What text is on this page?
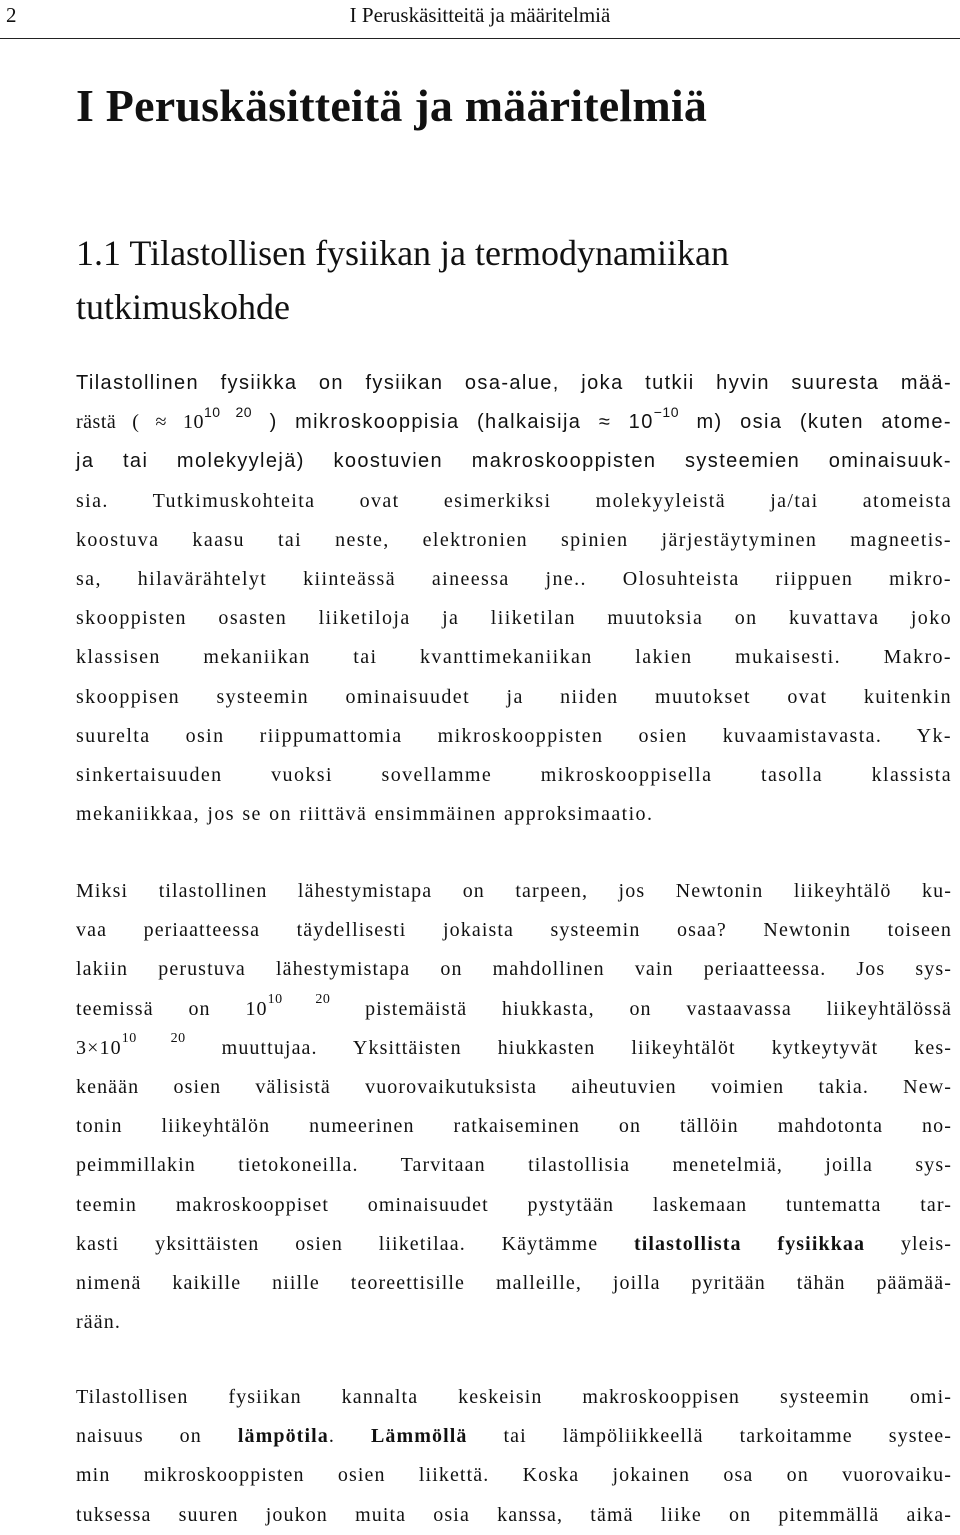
2	I Peruskäsitteitä ja määritelmiä
I Peruskäsitteitä ja määritelmiä
1.1 Tilastollisen fysiikan ja termodynamiikan
tutkimuskohde

Tilastollinen fysiikka on fysiikan osa-alue, joka tutkii hyvin suuresta mää-
rästä ( ≈ $10^{10 20}$ ) mikroskooppisia (halkaisija ≈ $10^{-10}$ m) osia (kuten atome-
ja tai molekyylejä) koostuvien makroskooppisten systeemien ominaisuuk-
sia. Tutkimuskohteita ovat esimerkiksi molekyyleistä ja/tai atomeista
koostuva kaasu tai neste, elektronien spinien järjestäytyminen magneetis-
sa, hilavärähtelyt kiinteässä aineessa jne.. Olosuhteista riippuen mikro-
skooppisten osasten liiketiloja ja liiketilan muutoksia on kuvattava joko
klassisen mekaniikan tai kvanttimekaniikan lakien mukaisesti. Makro-
skooppisen systeemin ominaisuudet ja niiden muutokset ovat kuitenkin
suurelta osin riippumattomia mikroskooppisten osien kuvaamistavasta. Yk-
sinkertaisuuden vuoksi sovellamme mikroskooppisella tasolla klassista
mekaniikkaa, jos se on riittävä ensimmäinen approksimaatio.

Miksi tilastollinen lähestymistapa on tarpeen, jos Newtonin liikeyhtälö ku-
vaa periaatteessa täydellisesti jokaista systeemin osaa? Newtonin toiseen
lakiin perustuva lähestymistapa on mahdollinen vain periaatteessa. Jos sys-
teemissä on $10^{10 20}$ pistemäistä hiukkasta, on vastaavassa liikeyhtälössä
$3\times 10^{10 20}$ muuttujaa. Yksittäisten hiukkasten liikeyhtälöt kytkeytyvät kes-
kenään osien välisistä vuorovaikutuksista aiheutuvien voimien takia. New-
tonin liikeyhtälön numeerinen ratkaiseminen on tällöin mahdotonta no-
peimmillakin tietokoneilla. Tarvitaan tilastollisia menetelmiä, joilla sys-
teemin makroskooppiset ominaisuudet pystytään laskemaan tuntematta tar-
kasti yksittäisten osien liiketilaa. Käytämme tilastollista fysiikkaa yleis-
nimenä kaikille niille teoreettisille malleille, joilla pyritään tähän päämää-
rään.

Tilastollisen fysiikan kannalta keskeisin makroskooppisen systeemin omi-
naisuus on lämpötila. Lämmöllä tai lämpöliikkeellä tarkoitamme systee-
min mikroskooppisten osien liikettä. Koska jokainen osa on vuorovaiku-
tuksessa suuren joukon muita osia kanssa, tämä liike on pitemmällä aika-
